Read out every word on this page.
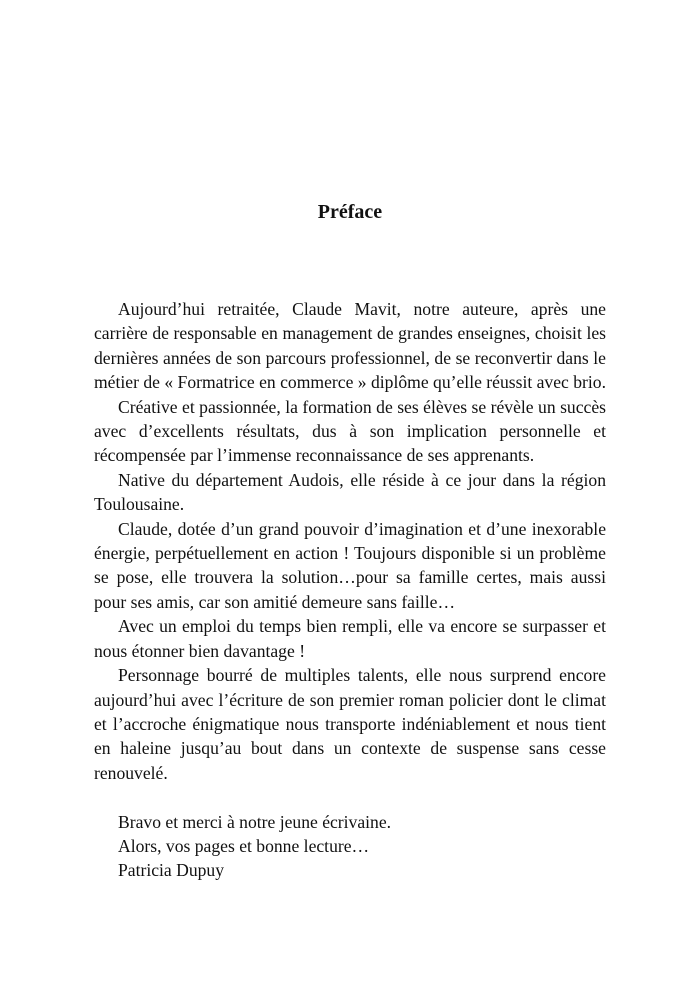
Préface

Aujourd’hui retraitée, Claude Mavit, notre auteure, après une carrière de responsable en management de grandes enseignes, choisit les dernières années de son parcours professionnel, de se reconvertir dans le métier de « Formatrice en commerce » diplôme qu’elle réussit avec brio.

Créative et passionnée, la formation de ses élèves se révèle un succès avec d’excellents résultats, dus à son implication personnelle et récompensée par l’immense reconnaissance de ses apprenants.

Native du département Audois, elle réside à ce jour dans la région Toulousaine.

Claude, dotée d’un grand pouvoir d’imagination et d’une inexorable énergie, perpétuellement en action ! Toujours disponible si un problème se pose, elle trouvera la solution…pour sa famille certes, mais aussi pour ses amis, car son amitié demeure sans faille…

Avec un emploi du temps bien rempli, elle va encore se surpasser et nous étonner bien davantage !

Personnage bourré de multiples talents, elle nous surprend encore aujourd’hui avec l’écriture de son premier roman policier dont le climat et l’accroche énigmatique nous transporte indéniablement et nous tient en haleine jusqu’au bout dans un contexte de suspense sans cesse renouvelé.

Bravo et merci à notre jeune écrivaine.

Alors, vos pages et bonne lecture…

Patricia Dupuy
